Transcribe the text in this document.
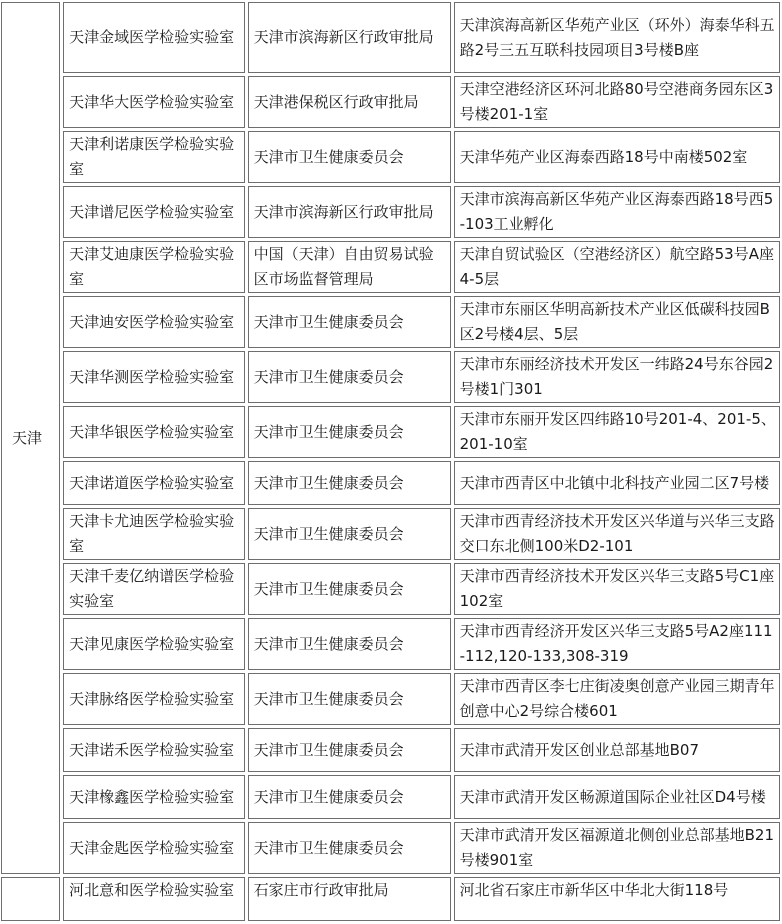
天津	天津金域医学检验实验室	天津市滨海新区行政审批局	天津滨海高新区华苑产业区（环外）海泰华科五路2号三五互联科技园项目3号楼B座
	天津华大医学检验实验室	天津港保税区行政审批局	天津空港经济区环河北路80号空港商务园东区3号楼201-1室
	天津利诺康医学检验实验室	天津市卫生健康委员会	天津华苑产业区海泰西路18号中南楼502室
	天津谱尼医学检验实验室	天津市滨海新区行政审批局	天津市滨海高新区华苑产业区海泰西路18号西5-103工业孵化
	天津艾迪康医学检验实验室	中国（天津）自由贸易试验区市场监督管理局	天津自贸试验区（空港经济区）航空路53号A座4-5层
	天津迪安医学检验实验室	天津市卫生健康委员会	天津市东丽区华明高新技术产业区低碳科技园B区2号楼4层、5层
	天津华测医学检验实验室	天津市卫生健康委员会	天津市东丽经济技术开发区一纬路24号东谷园2号楼1门301
	天津华银医学检验实验室	天津市卫生健康委员会	天津市东丽开发区四纬路10号201-4、201-5、201-10室
	天津诺道医学检验实验室	天津市卫生健康委员会	天津市西青区中北镇中北科技产业园二区7号楼
	天津卡尤迪医学检验实验室	天津市卫生健康委员会	天津市西青经济技术开发区兴华道与兴华三支路交口东北侧100米D2-101
	天津千麦亿纳谱医学检验实验室	天津市卫生健康委员会	天津市西青经济技术开发区兴华三支路5号C1座102室
	天津见康医学检验实验室	天津市卫生健康委员会	天津市西青经济开发区兴华三支路5号A2座111-112,120-133,308-319
	天津脉络医学检验实验室	天津市卫生健康委员会	天津市西青区李七庄街凌奥创意产业园三期青年创意中心2号综合楼601
	天津诺禾医学检验实验室	天津市卫生健康委员会	天津市武清开发区创业总部基地B07
	天津橡鑫医学检验实验室	天津市卫生健康委员会	天津市武清开发区畅源道国际企业社区D4号楼
	天津金匙医学检验实验室	天津市卫生健康委员会	天津市武清开发区福源道北侧创业总部基地B21号楼901室
	河北意和医学检验实验室	石家庄市行政审批局	河北省石家庄市新华区中华北大街118号
